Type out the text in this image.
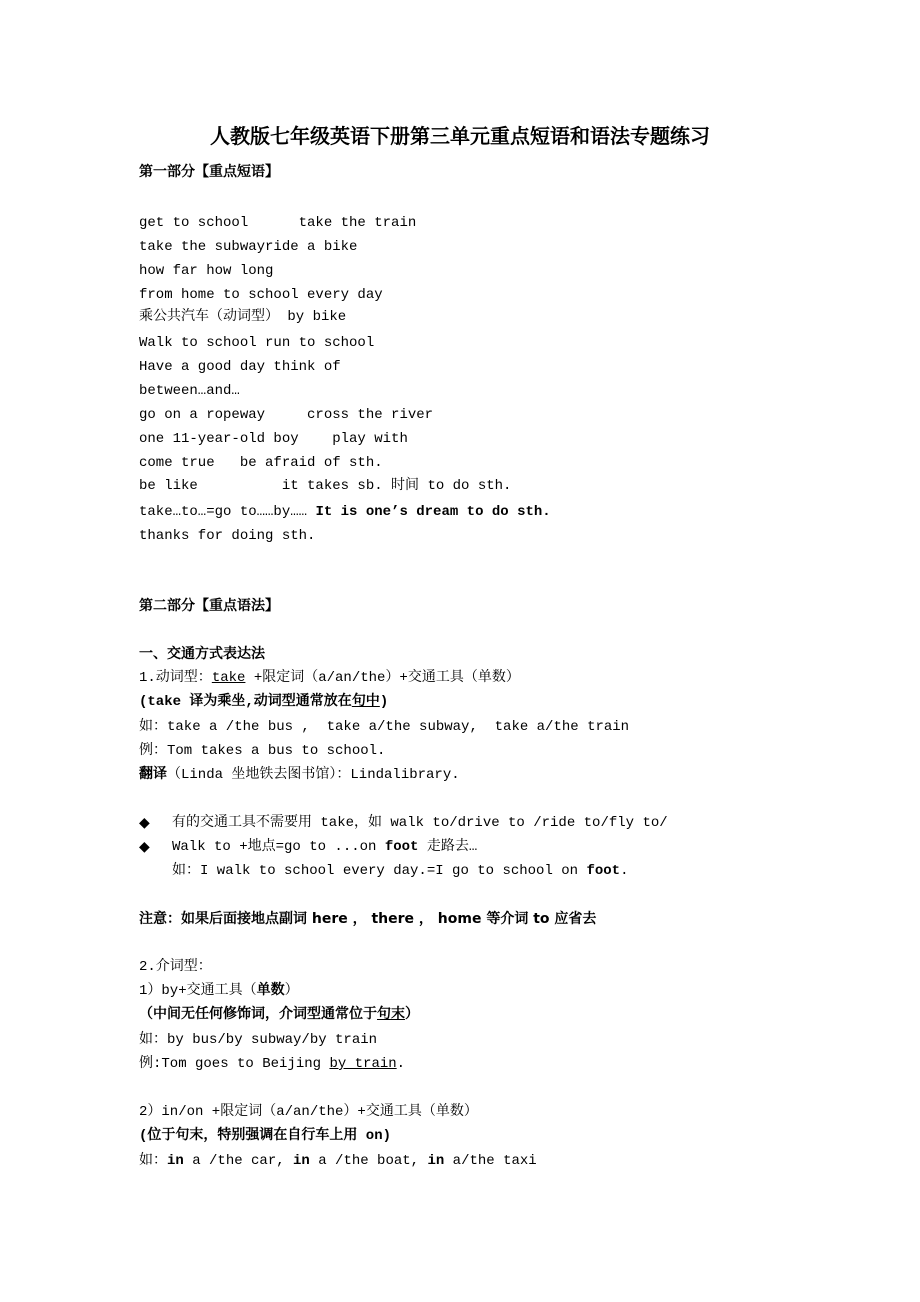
人教版七年级英语下册第三单元重点短语和语法专题练习
第一部分【重点短语】
get to school      take the train
take the subwayride a bike
how far how long
from home to school every day
乘公共汽车（动词型） by bike
Walk to school run to school
Have a good day think of
between…and…
go on a ropeway     cross the river
one 11-year-old boy    play with
come true   be afraid of sth.
be like          it takes sb. 时间 to do sth.
take…to…=go to……by…… It is one’s dream to do sth.
thanks for doing sth.
第二部分【重点语法】
一、交通方式表达法
1.动词型：take +限定词（a/an/the）+交通工具（单数）
(take 译为乘坐,动词型通常放在句中)
如：take a /the bus ,  take a/the subway,  take a/the train
例：Tom takes a bus to school.
翻译（Linda 坐地铁去图书馆）：Lindalibrary.
◆ 有的交通工具不需要用 take，如 walk to/drive to /ride to/fly to/
◆ Walk to +地点=go to ...on foot 走路去…
如：I walk to school every day.=I go to school on foot.
注意：如果后面接地点副词 here ， there ， home 等介词 to 应省去
2.介词型：
1）by+交通工具（单数）
（中间无任何修饰词，介词型通常位于句末）
如：by bus/by subway/by train
例:Tom goes to Beijing by train.
2）in/on +限定词（a/an/the）+交通工具（单数）
(位于句末，特别强调在自行车上用 on)
如：in a /the car, in a /the boat, in a/the taxi
